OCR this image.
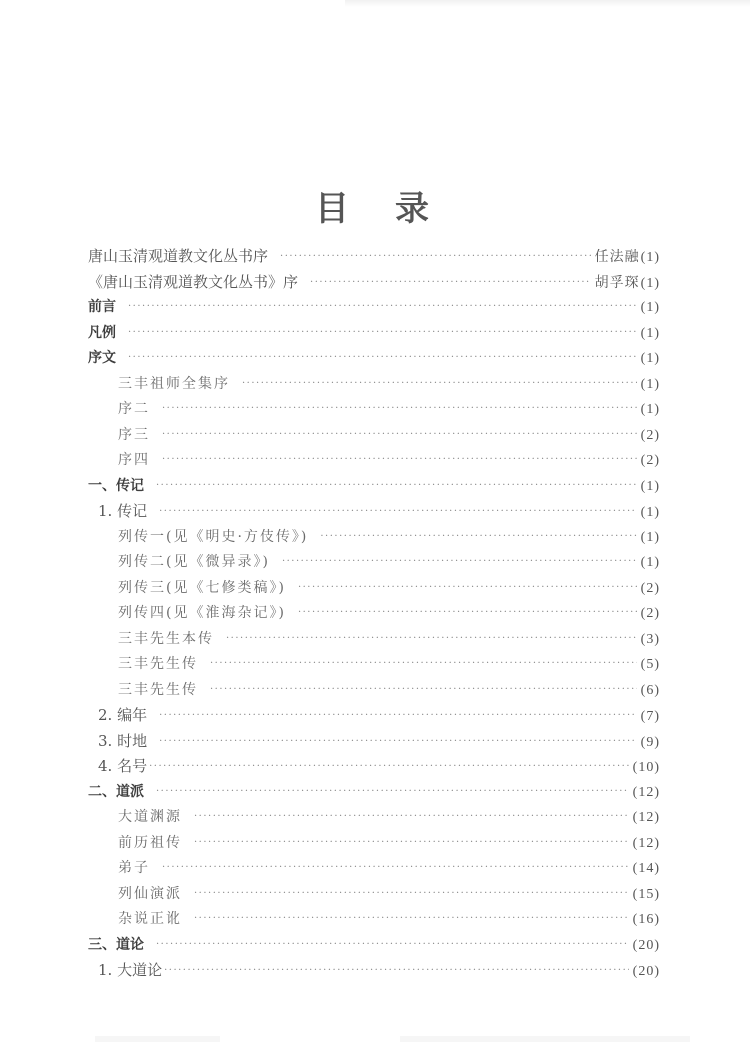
目录
唐山玉清观道教文化丛书序 ·····	任法融 (1)
《唐山玉清观道教文化丛书》序 ·····	胡孚琛 (1)
前言 ·····	(1)
凡例 ·····	(1)
序文 ·····	(1)
三丰祖师全集序 ·····	(1)
序二 ·····	(1)
序三 ·····	(2)
序四 ·····	(2)
一、传记 ·····	(1)
1. 传记 ·····	(1)
列传一(见《明史·方伎传》) ·····	(1)
列传二(见《微异录》) ·····	(1)
列传三(见《七修类稿》) ·····	(2)
列传四(见《淮海杂记》) ·····	(2)
三丰先生本传 ·····	(3)
三丰先生传 ·····	(5)
三丰先生传 ·····	(6)
2. 编年 ·····	(7)
3. 时地 ·····	(9)
4. 名号 ·····	(10)
二、道派 ·····	(12)
大道渊源 ·····	(12)
前历祖传 ·····	(12)
弟子 ·····	(14)
列仙演派 ·····	(15)
杂说正讹 ·····	(16)
三、道论 ·····	(20)
1. 大道论 ·····	(20)
